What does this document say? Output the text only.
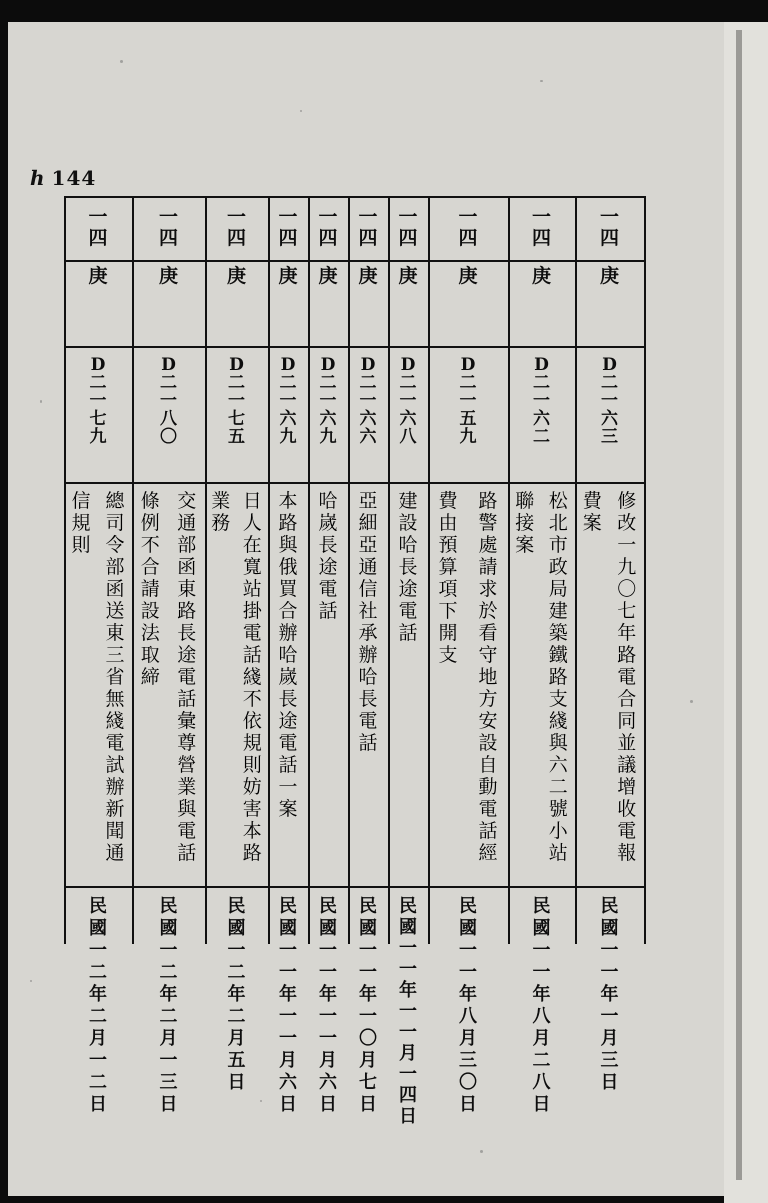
ℎ 144
一
四
庚
D
二
一
六
三
修
改
一
九
〇
七
年
路
電
合
同
並
議
增
收
電
報
費
案
民
國
一
一
年
一
月
三
日
一
四
庚
D
二
一
六
二
松
北
市
政
局
建
築
鐵
路
支
綫
與
六
二
號
小
站
聯
接
案
民
國
一
一
年
八
月
二
八
日
一
四
庚
D
二
一
五
九
路
警
處
請
求
於
看
守
地
方
安
設
自
動
電
話
經
費
由
預
算
項
下
開
支
民
國
一
一
年
八
月
三
〇
日
一
四
庚
D
二
一
六
八
建
設
哈
長
途
電
話
民
國
一
一
年
一
一
月
一
四
日
一
四
庚
D
二
一
六
六
亞
細
亞
通
信
社
承
辦
哈
長
電
話
民
國
一
一
年
一
〇
月
七
日
一
四
庚
D
二
一
六
九
哈
嵗
長
途
電
話
民
國
一
一
年
一
一
月
六
日
一
四
庚
D
二
一
六
九
本
路
與
俄
買
合
辦
哈
嵗
長
途
電
話
一
案
民
國
一
一
年
一
一
月
六
日
一
四
庚
D
二
一
七
五
日
人
在
寬
站
掛
電
話
綫
不
依
規
則
妨
害
本
路
業
務
民
國
一
二
年
二
月
五
日
一
四
庚
D
二
一
八
〇
交
通
部
函
東
路
長
途
電
話
彙
尊
營
業
與
電
話
條
例
不
合
請
設
法
取
締
民
國
一
二
年
二
月
一
三
日
一
四
庚
D
二
一
七
九
總
司
令
部
函
送
東
三
省
無
綫
電
試
辦
新
聞
通
信
規
則
民
國
一
二
年
二
月
一
二
日
